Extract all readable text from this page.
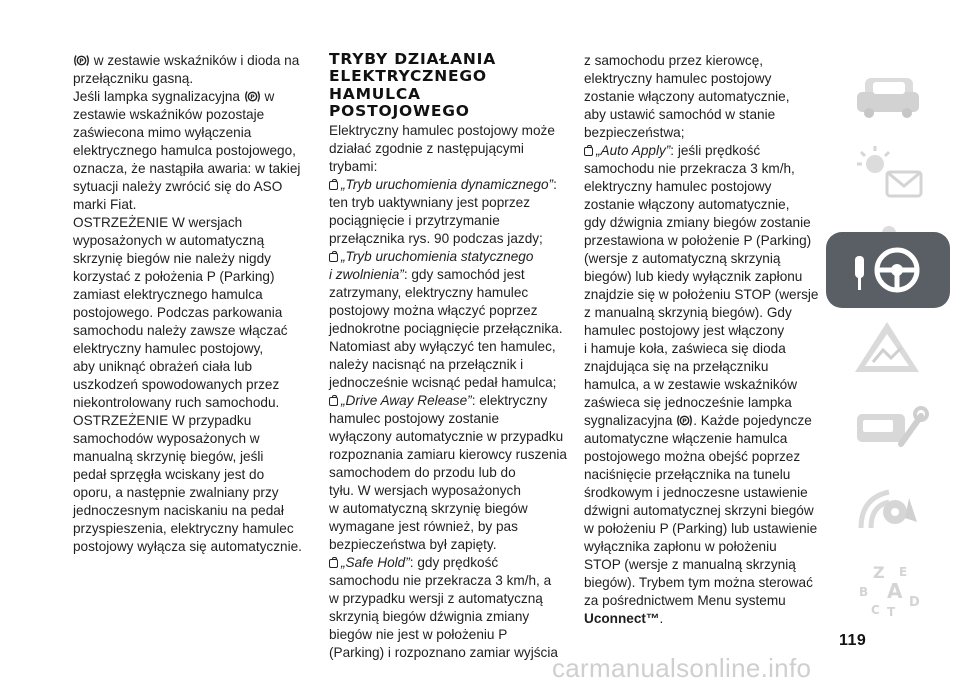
P w zestawie wskaźników i dioda na

przełączniku gasną.

Jeśli lampka sygnalizacyjna P w

zestawie wskaźników pozostaje

zaświecona mimo wyłączenia

elektrycznego hamulca postojowego,

oznacza, że nastąpiła awaria: w takiej

sytuacji należy zwrócić się do ASO

marki Fiat.

OSTRZEŻENIE W wersjach

wyposażonych w automatyczną

skrzynię biegów nie należy nigdy

korzystać z położenia P (Parking)

zamiast elektrycznego hamulca

postojowego. Podczas parkowania

samochodu należy zawsze włączać

elektryczny hamulec postojowy,

aby uniknąć obrażeń ciała lub

uszkodzeń spowodowanych przez

niekontrolowany ruch samochodu.

OSTRZEŻENIE W przypadku

samochodów wyposażonych w

manualną skrzynię biegów, jeśli

pedał sprzęgła wciskany jest do

oporu, a następnie zwalniany przy

jednoczesnym naciskaniu na pedał

przyspieszenia, elektryczny hamulec

postojowy wyłącza się automatycznie.

TRYBY DZIAŁANIA
ELEKTRYCZNEGO
HAMULCA
POSTOJOWEGO

Elektryczny hamulec postojowy może

działać zgodnie z następującymi

trybami:

„Tryb uruchomienia dynamicznego”:

ten tryb uaktywniany jest poprzez

pociągnięcie i przytrzymanie

przełącznika rys. 90 podczas jazdy;

„Tryb uruchomienia statycznego

i zwolnienia”: gdy samochód jest

zatrzymany, elektryczny hamulec

postojowy można włączyć poprzez

jednokrotne pociągnięcie przełącznika.

Natomiast aby wyłączyć ten hamulec,

należy nacisnąć na przełącznik i

jednocześnie wcisnąć pedał hamulca;

„Drive Away Release”: elektryczny

hamulec postojowy zostanie

wyłączony automatycznie w przypadku

rozpoznania zamiaru kierowcy ruszenia

samochodem do przodu lub do

tyłu. W wersjach wyposażonych

w automatyczną skrzynię biegów

wymagane jest również, by pas

bezpieczeństwa był zapięty.

„Safe Hold”: gdy prędkość

samochodu nie przekracza 3 km/h, a

w przypadku wersji z automatyczną

skrzynią biegów dźwignia zmiany

biegów nie jest w położeniu P

(Parking) i rozpoznano zamiar wyjścia

z samochodu przez kierowcę,

elektryczny hamulec postojowy

zostanie włączony automatycznie,

aby ustawić samochód w stanie

bezpieczeństwa;

„Auto Apply”: jeśli prędkość

samochodu nie przekracza 3 km/h,

elektryczny hamulec postojowy

zostanie włączony automatycznie,

gdy dźwignia zmiany biegów zostanie

przestawiona w położenie P (Parking)

(wersje z automatyczną skrzynią

biegów) lub kiedy wyłącznik zapłonu

znajdzie się w położeniu STOP (wersje

z manualną skrzynią biegów). Gdy

hamulec postojowy jest włączony

i hamuje koła, zaświeca się dioda

znajdująca się na przełączniku

hamulca, a w zestawie wskaźników

zaświeca się jednocześnie lampka

sygnalizacyjna P . Każde pojedyncze

automatyczne włączenie hamulca

postojowego można obejść poprzez

naciśnięcie przełącznika na tunelu

środkowym i jednoczesne ustawienie

dźwigni automatycznej skrzyni biegów

w położeniu P (Parking) lub ustawienie

wyłącznika zapłonu w położeniu

STOP (wersje z manualną skrzynią

biegów). Trybem tym można sterować

za pośrednictwem Menu systemu

Uconnect™.

119
carmanualsonline.info
Z E
B A
C T
D
